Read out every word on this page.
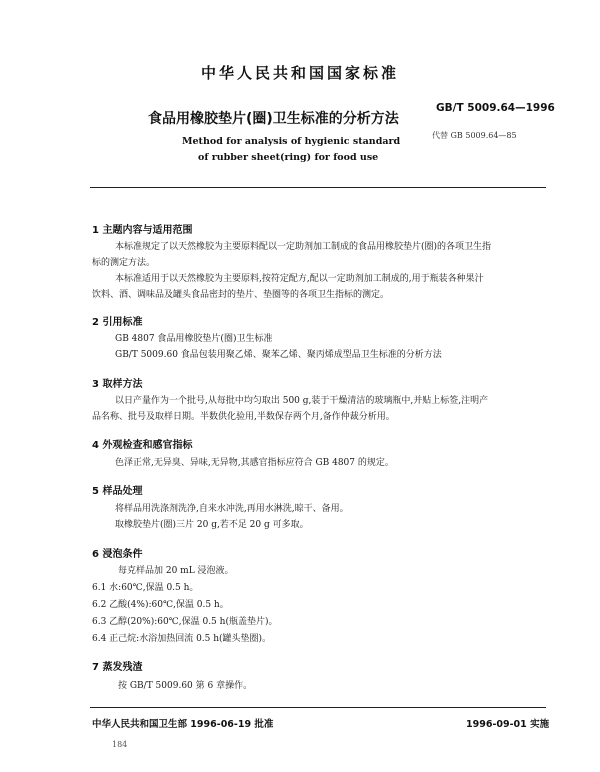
中华人民共和国国家标准
食品用橡胶垫片(圈)卫生标准的分析方法
GB/T 5009.64—1996
代替 GB 5009.64—85
Method for analysis of hygienic standard
of rubber sheet(ring) for food use
1 主题内容与适用范围
本标准规定了以天然橡胶为主要原料配以一定助剂加工制成的食品用橡胶垫片(圈)的各项卫生指
标的测定方法。
本标准适用于以天然橡胶为主要原料,按符定配方,配以一定助剂加工制成的,用于瓶装各种果汁
饮料、酒、调味品及罐头食品密封的垫片、垫圈等的各项卫生指标的测定。
2 引用标准
GB 4807 食品用橡胶垫片(圈)卫生标准
GB/T 5009.60 食品包装用聚乙烯、聚苯乙烯、聚丙烯成型品卫生标准的分析方法
3 取样方法
以日产量作为一个批号,从每批中均匀取出 500 g,装于干燥清洁的玻璃瓶中,并贴上标签,注明产
品名称、批号及取样日期。半数供化验用,半数保存两个月,备作仲裁分析用。
4 外观检查和感官指标
色泽正常,无异臭、异味,无异物,其感官指标应符合 GB 4807 的规定。
5 样品处理
将样品用洗涤剂洗净,自来水冲洗,再用水淋洗,晾干、备用。
取橡胶垫片(圈)三片 20 g,若不足 20 g 可多取。
6 浸泡条件
每克样品加 20 mL 浸泡液。
6.1 水:60℃,保温 0.5 h。
6.2 乙酸(4%):60℃,保温 0.5 h。
6.3 乙醇(20%):60℃,保温 0.5 h(瓶盖垫片)。
6.4 正己烷:水浴加热回流 0.5 h(罐头垫圈)。
7 蒸发残渣
按 GB/T 5009.60 第 6 章操作。
中华人民共和国卫生部 1996-06-19 批准	1996-09-01 实施
184
